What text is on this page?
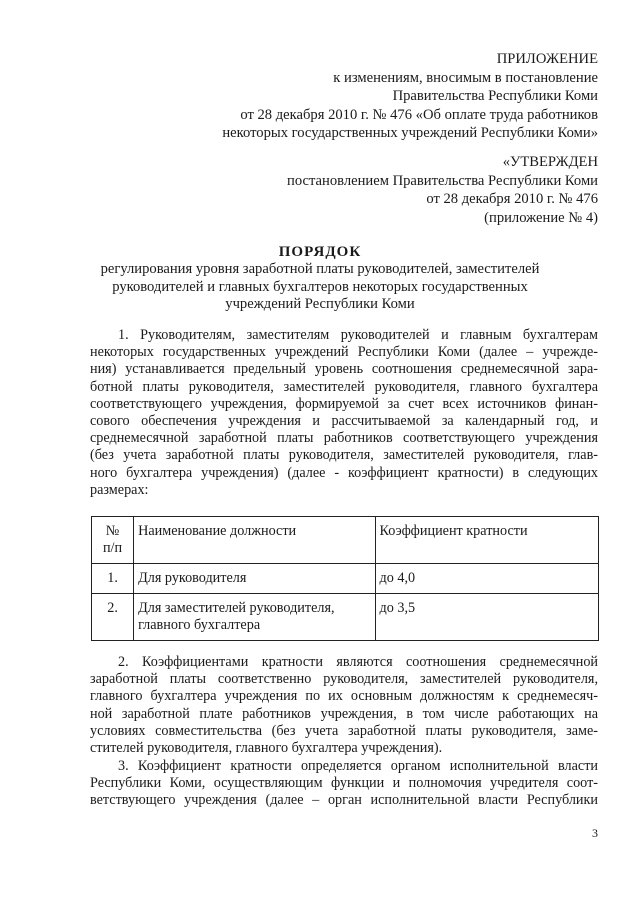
ПРИЛОЖЕНИЕ
к изменениям, вносимым в постановление
Правительства Республики Коми
от 28 декабря 2010 г. № 476 «Об оплате труда работников
некоторых государственных учреждений Республики Коми»
«УТВЕРЖДЕН
постановлением Правительства Республики Коми
от 28 декабря 2010 г. № 476
(приложение № 4)
ПОРЯДОК
регулирования уровня заработной платы руководителей, заместителей
руководителей и главных бухгалтеров некоторых государственных
учреждений Республики Коми
1. Руководителям, заместителям руководителей и главным бухгалтерам
некоторых государственных учреждений Республики Коми (далее – учрежде-
ния) устанавливается предельный уровень соотношения среднемесячной зара-
ботной платы руководителя, заместителей руководителя, главного бухгалтера
соответствующего учреждения, формируемой за счет всех источников финан-
сового обеспечения учреждения и рассчитываемой за календарный год, и
среднемесячной заработной платы работников соответствующего учреждения
(без учета заработной платы руководителя, заместителей руководителя, глав-
ного бухгалтера учреждения) (далее - коэффициент кратности) в следующих
размерах:
№
п/п	Наименование должности	Коэффициент кратности
1.	Для руководителя	до 4,0
2.	Для заместителей руководителя,
главного бухгалтера	до 3,5
2. Коэффициентами кратности являются соотношения среднемесячной
заработной платы соответственно руководителя, заместителей руководителя,
главного бухгалтера учреждения по их основным должностям к среднемесяч-
ной заработной плате работников учреждения, в том числе работающих на
условиях совместительства (без учета заработной платы руководителя, заме-
стителей руководителя, главного бухгалтера учреждения).
3. Коэффициент кратности определяется органом исполнительной власти
Республики Коми, осуществляющим функции и полномочия учредителя соот-
ветствующего учреждения (далее – орган исполнительной власти Республики
3
